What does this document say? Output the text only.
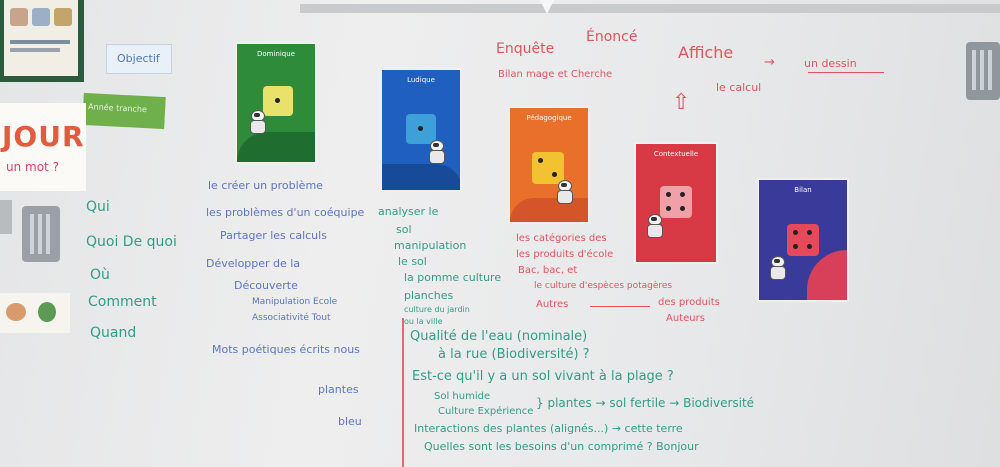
Objectif
Année tranche
JOUR
un mot ?
Dominique
Ludique
Pédagogique
Contextuelle
Bilan
Qui
Quoi De quoi
Où
Comment
Quand
Enquête
Énoncé
Affiche
Bilan mage et Cherche
le calcul
un dessin
→
⇧
le créer un problème
les problèmes d'un coéquipe
Partager les calculs
Développer de la
Découverte
Manipulation Ecole
Associativité Tout
Mots poétiques écrits nous
plantes
bleu
analyser le
sol
manipulation
le sol
la pomme culture
planches
culture du jardin
ou la ville
les catégories des
les produits d'école
Bac, bac, et
le culture d'espèces potagères
Autres	des produits
Auteurs
Qualité de l'eau (nominale)
à la rue (Biodiversité) ?
Est-ce qu'il y a un sol vivant à la plage ?
Sol humide
Culture Expérience
} plantes → sol fertile → Biodiversité
Interactions des plantes (alignés...) → cette terre
Quelles sont les besoins d'un comprimé ? Bonjour
